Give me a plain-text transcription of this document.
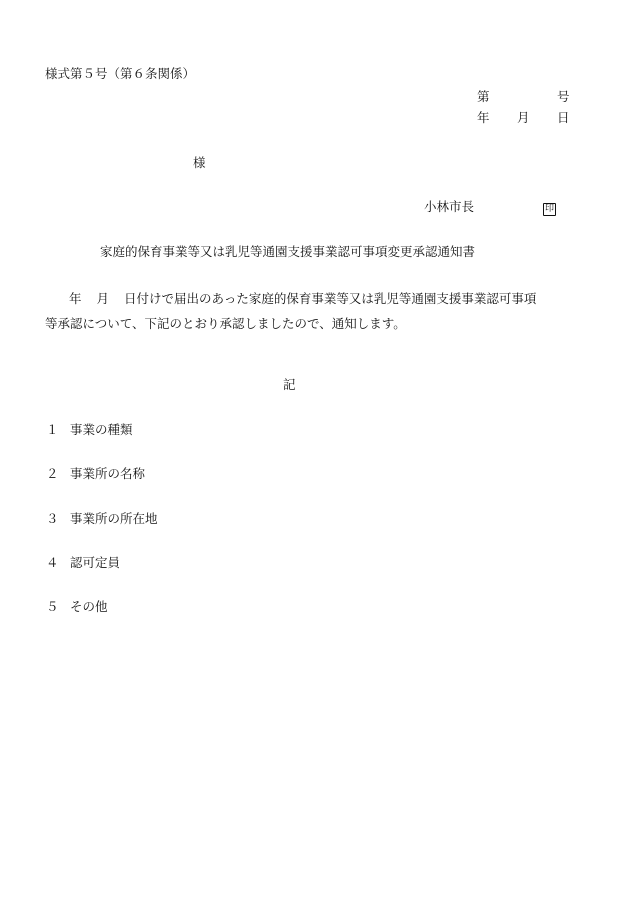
様式第５号（第６条関係）
第	号
年 月 日
様
小林市長	印
家庭的保育事業等又は乳児等通園支援事業認可事項変更承認通知書
年 月 日付けで届出のあった家庭的保育事業等又は乳児等通園支援事業認可事項
等承認について、下記のとおり承認しましたので、通知します。
記
１ 事業の種類
２ 事業所の名称
３ 事業所の所在地
４ 認可定員
５ その他
